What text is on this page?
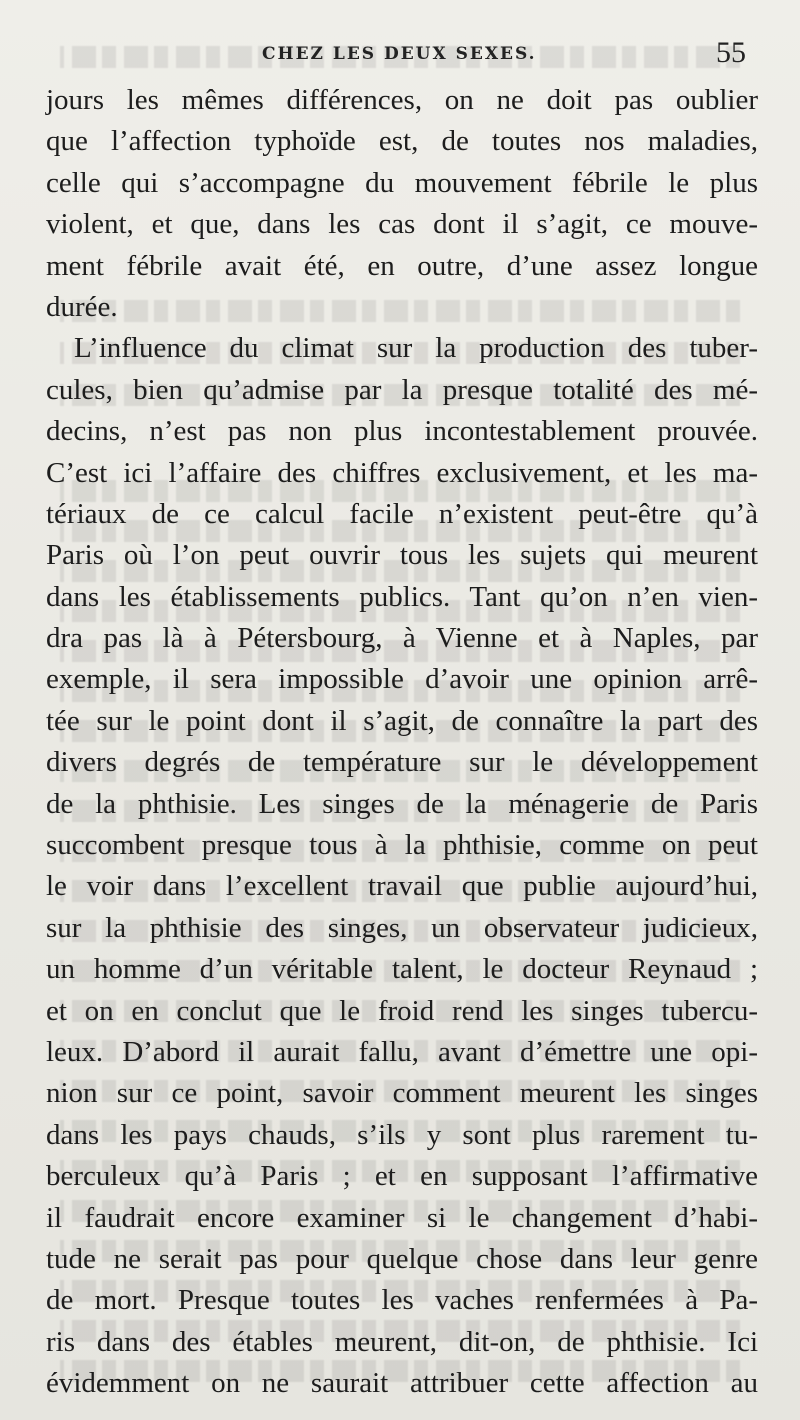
CHEZ LES DEUX SEXES.	55
jours les mêmes différences, on ne doit pas oublier
que l’affection typhoïde est, de toutes nos maladies,
celle qui s’accompagne du mouvement fébrile le plus
violent, et que, dans les cas dont il s’agit, ce mouve-
ment fébrile avait été, en outre, d’une assez longue
durée.
L’influence du climat sur la production des tuber-
cules, bien qu’admise par la presque totalité des mé-
decins, n’est pas non plus incontestablement prouvée.
C’est ici l’affaire des chiffres exclusivement, et les ma-
tériaux de ce calcul facile n’existent peut-être qu’à
Paris où l’on peut ouvrir tous les sujets qui meurent
dans les établissements publics. Tant qu’on n’en vien-
dra pas là à Pétersbourg, à Vienne et à Naples, par
exemple, il sera impossible d’avoir une opinion arrê-
tée sur le point dont il s’agit, de connaître la part des
divers degrés de température sur le développement
de la phthisie. Les singes de la ménagerie de Paris
succombent presque tous à la phthisie, comme on peut
le voir dans l’excellent travail que publie aujourd’hui,
sur la phthisie des singes, un observateur judicieux,
un homme d’un véritable talent, le docteur Reynaud ;
et on en conclut que le froid rend les singes tubercu-
leux. D’abord il aurait fallu, avant d’émettre une opi-
nion sur ce point, savoir comment meurent les singes
dans les pays chauds, s’ils y sont plus rarement tu-
berculeux qu’à Paris ; et en supposant l’affirmative
il faudrait encore examiner si le changement d’habi-
tude ne serait pas pour quelque chose dans leur genre
de mort. Presque toutes les vaches renfermées à Pa-
ris dans des étables meurent, dit-on, de phthisie. Ici
évidemment on ne saurait attribuer cette affection au
